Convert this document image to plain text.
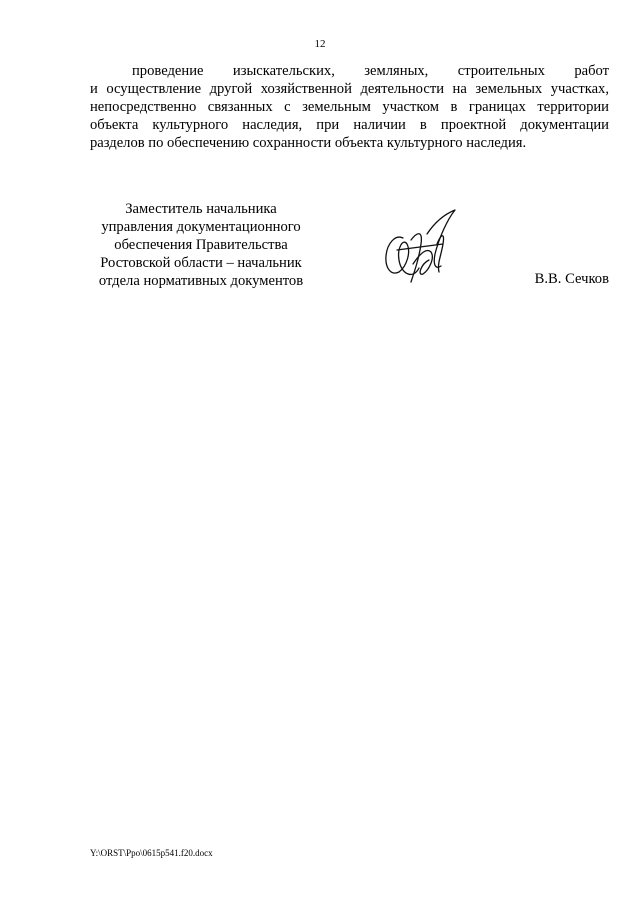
12
проведение изыскательских, земляных, строительных работ
и осуществление другой хозяйственной деятельности на земельных участках,
непосредственно связанных с земельным участком в границах территории
объекта культурного наследия, при наличии в проектной документации
разделов по обеспечению сохранности объекта культурного наследия.
Заместитель начальника
управления документационного
обеспечения Правительства
Ростовской области – начальник
отдела нормативных документов	В.В. Сечков
Y:\ORST\Ppo\0615p541.f20.docx
